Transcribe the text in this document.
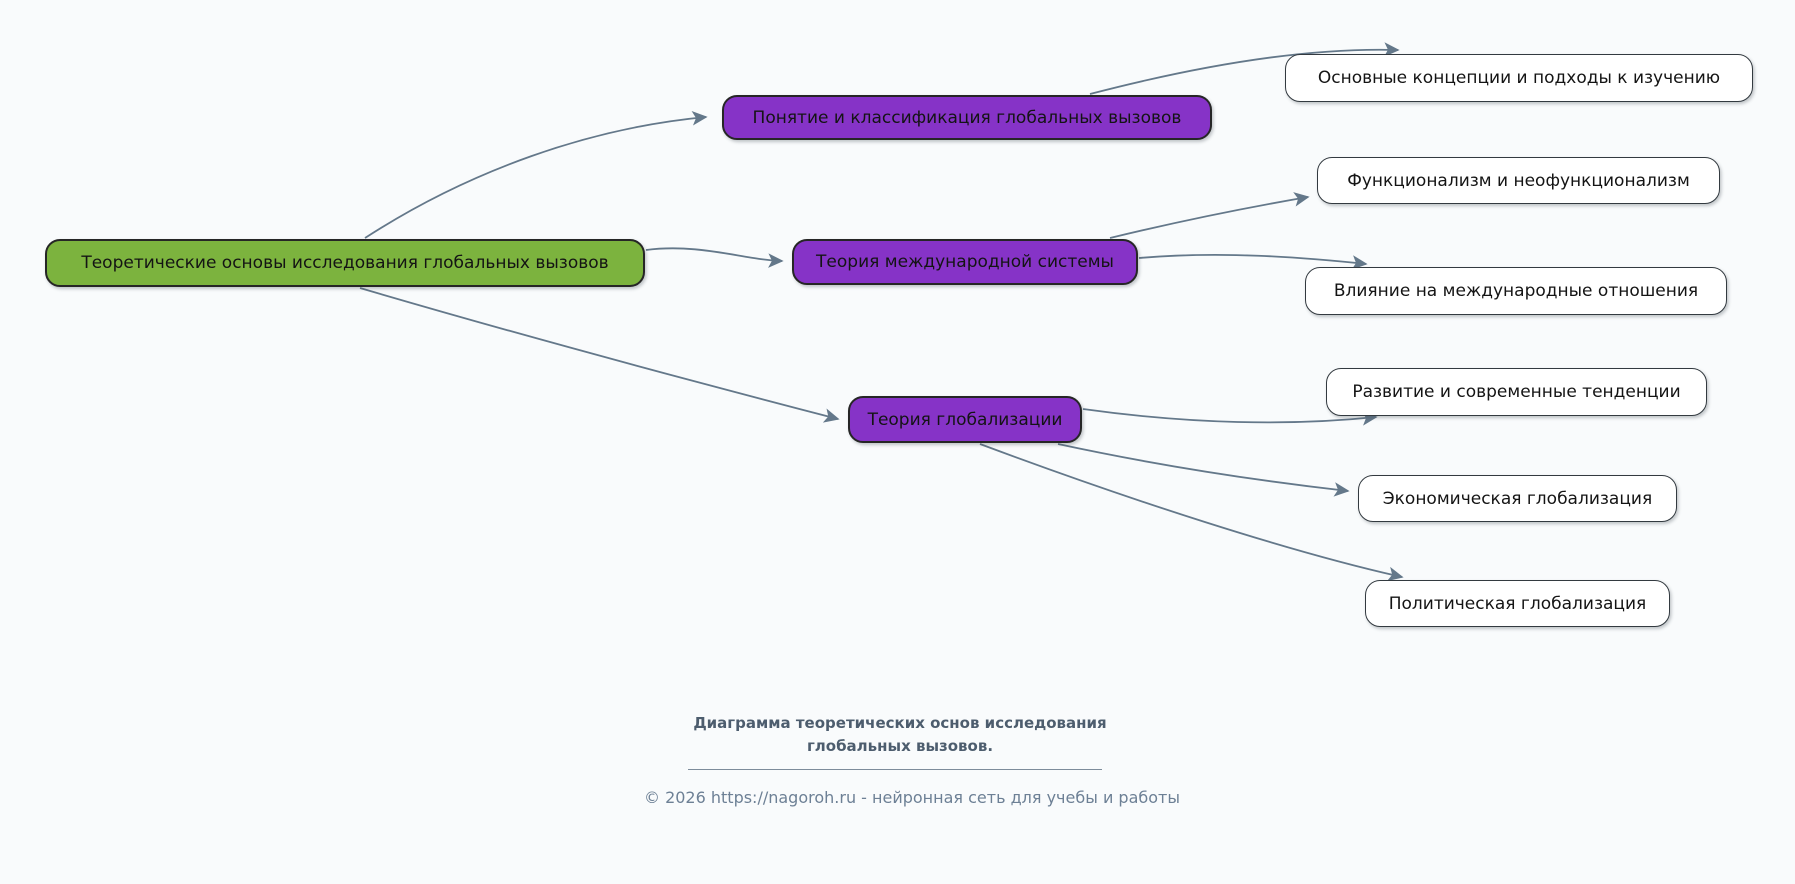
Теоретические основы исследования глобальных вызовов
Понятие и классификация глобальных вызовов
Теория международной системы
Теория глобализации
Основные концепции и подходы к изучению
Функционализм и неофункционализм
Влияние на международные отношения
Развитие и современные тенденции
Экономическая глобализация
Политическая глобализация
Диаграмма теоретических основ исследования
глобальных вызовов.
© 2026 https://nagoroh.ru - нейронная сеть для учебы и работы
